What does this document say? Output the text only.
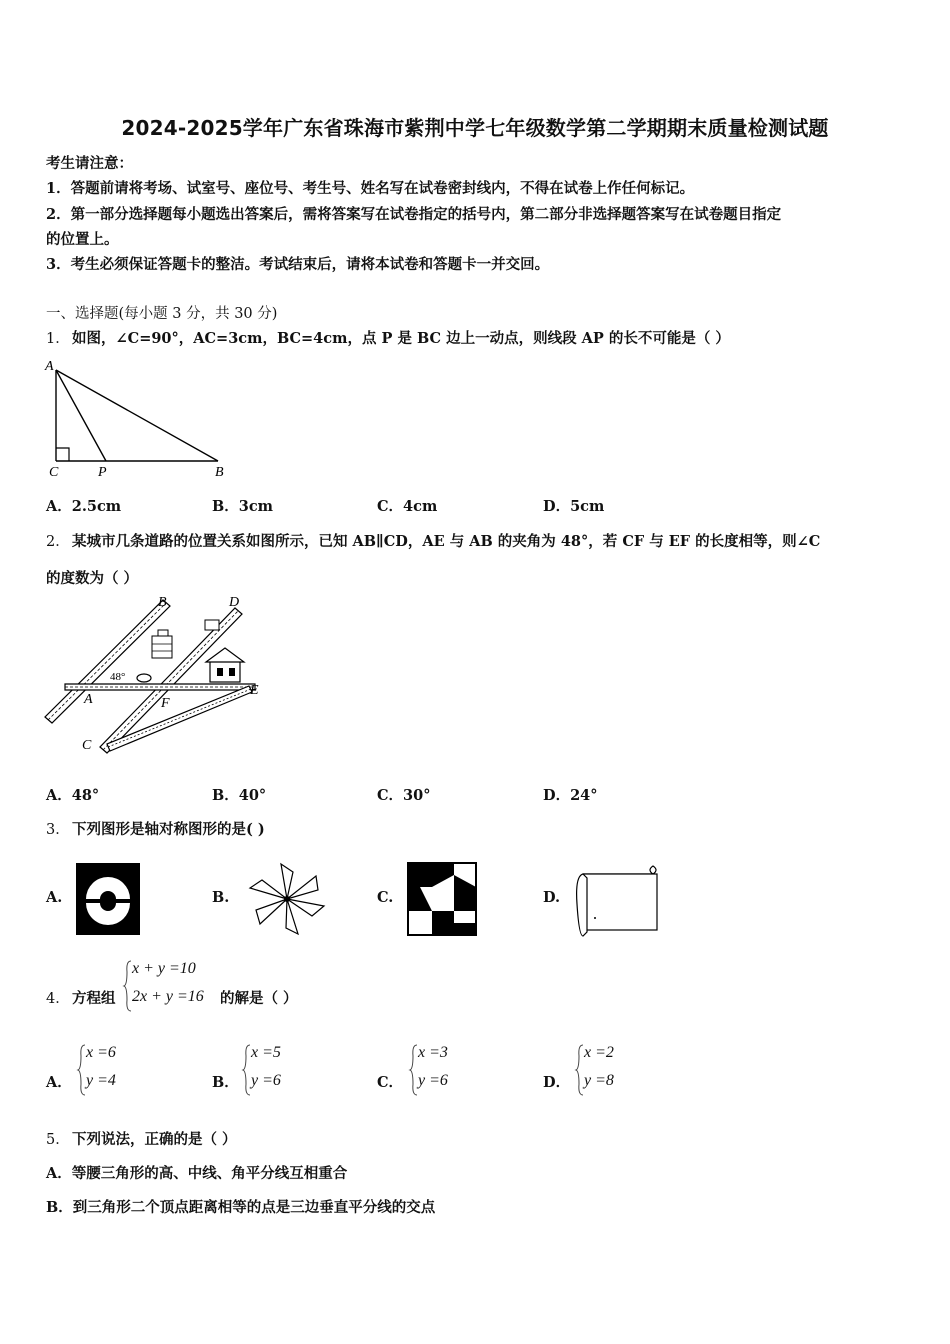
2024-2025学年广东省珠海市紫荆中学七年级数学第二学期期末质量检测试题
考生请注意：
1．答题前请将考场、试室号、座位号、考生号、姓名写在试卷密封线内，不得在试卷上作任何标记。
2．第一部分选择题每小题选出答案后，需将答案写在试卷指定的括号内，第二部分非选择题答案写在试卷题目指定
的位置上。
3．考生必须保证答题卡的整洁。考试结束后，请将本试卷和答题卡一并交回。
一、选择题(每小题 3 分，共 30 分)
1． 如图，∠C=90°，AC=3cm，BC=4cm，点 P 是 BC 边上一动点，则线段 AP 的长不可能是（ ）
A
C	P	B
A．2.5cm	B．3cm	C．4cm	D．5cm
2． 某城市几条道路的位置关系如图所示，已知 AB∥CD，AE 与 AB 的夹角为 48°，若 CF 与 EF 的长度相等，则∠C
的度数为（ ）
B	D
48°
A	F
E
C
A．48°	B．40°	C．30°	D．24°
3． 下列图形是轴对称图形的是( )
A.	B.	C.	D.
4． 方程组
x + y =10
2x + y =16 的解是（ ）
A．
x =6
y =4	B．
x =5
y =6	C．
x =3
y =6	D．
x =2
y =8
5． 下列说法，正确的是（ ）
A．等腰三角形的高、中线、角平分线互相重合
B．到三角形二个顶点距离相等的点是三边垂直平分线的交点
